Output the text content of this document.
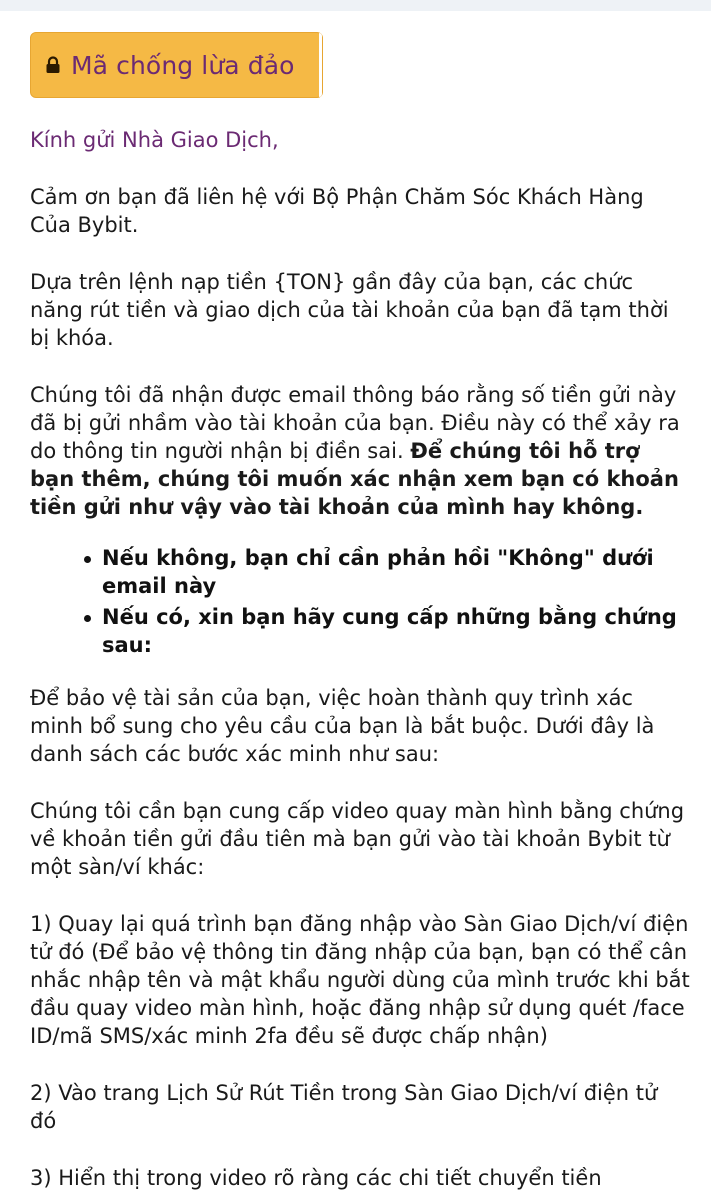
Mã chống lừa đảo
Kính gửi Nhà Giao Dịch,

Cảm ơn bạn đã liên hệ với Bộ Phận Chăm Sóc Khách Hàng Của Bybit.

Dựa trên lệnh nạp tiền {TON} gần đây của bạn, các chức năng rút tiền và giao dịch của tài khoản của bạn đã tạm thời bị khóa.

Chúng tôi đã nhận được email thông báo rằng số tiền gửi này đã bị gửi nhầm vào tài khoản của bạn. Điều này có thể xảy ra do thông tin người nhận bị điền sai. Để chúng tôi hỗ trợ bạn thêm, chúng tôi muốn xác nhận xem bạn có khoản tiền gửi như vậy vào tài khoản của mình hay không.

Nếu không, bạn chỉ cần phản hồi "Không" dưới email này
Nếu có, xin bạn hãy cung cấp những bằng chứng sau:

Để bảo vệ tài sản của bạn, việc hoàn thành quy trình xác minh bổ sung cho yêu cầu của bạn là bắt buộc. Dưới đây là danh sách các bước xác minh như sau:

Chúng tôi cần bạn cung cấp video quay màn hình bằng chứng về khoản tiền gửi đầu tiên mà bạn gửi vào tài khoản Bybit từ một sàn/ví khác:

1) Quay lại quá trình bạn đăng nhập vào Sàn Giao Dịch/ví điện tử đó (Để bảo vệ thông tin đăng nhập của bạn, bạn có thể cân nhắc nhập tên và mật khẩu người dùng của mình trước khi bắt đầu quay video màn hình, hoặc đăng nhập sử dụng quét /face ID/mã SMS/xác minh 2fa đều sẽ được chấp nhận)

2) Vào trang Lịch Sử Rút Tiền trong Sàn Giao Dịch/ví điện tử đó

3) Hiển thị trong video rõ ràng các chi tiết chuyển tiền
